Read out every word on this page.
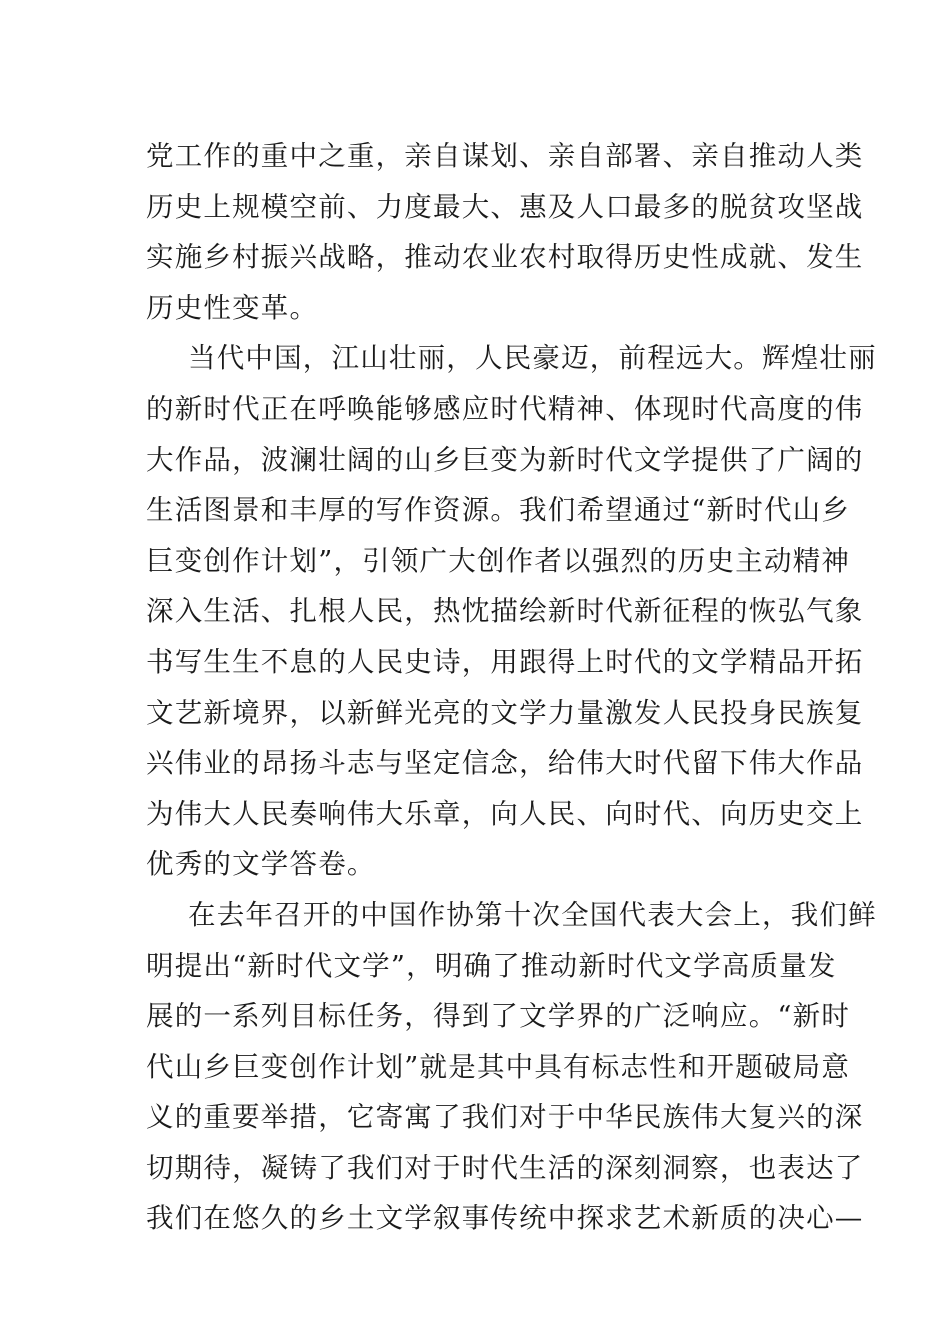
党工作的重中之重，亲自谋划、亲自部署、亲自推动人类
历史上规模空前、力度最大、惠及人口最多的脱贫攻坚战
实施乡村振兴战略，推动农业农村取得历史性成就、发生
历史性变革。
当代中国，江山壮丽，人民豪迈，前程远大。辉煌壮丽
的新时代正在呼唤能够感应时代精神、体现时代高度的伟
大作品，波澜壮阔的山乡巨变为新时代文学提供了广阔的
生活图景和丰厚的写作资源。我们希望通过“新时代山乡
巨变创作计划”，引领广大创作者以强烈的历史主动精神
深入生活、扎根人民，热忱描绘新时代新征程的恢弘气象
书写生生不息的人民史诗，用跟得上时代的文学精品开拓
文艺新境界，以新鲜光亮的文学力量激发人民投身民族复
兴伟业的昂扬斗志与坚定信念，给伟大时代留下伟大作品
为伟大人民奏响伟大乐章，向人民、向时代、向历史交上
优秀的文学答卷。
在去年召开的中国作协第十次全国代表大会上，我们鲜
明提出“新时代文学”，明确了推动新时代文学高质量发
展的一系列目标任务，得到了文学界的广泛响应。“新时
代山乡巨变创作计划”就是其中具有标志性和开题破局意
义的重要举措，它寄寓了我们对于中华民族伟大复兴的深
切期待，凝铸了我们对于时代生活的深刻洞察，也表达了
我们在悠久的乡土文学叙事传统中探求艺术新质的决心—
